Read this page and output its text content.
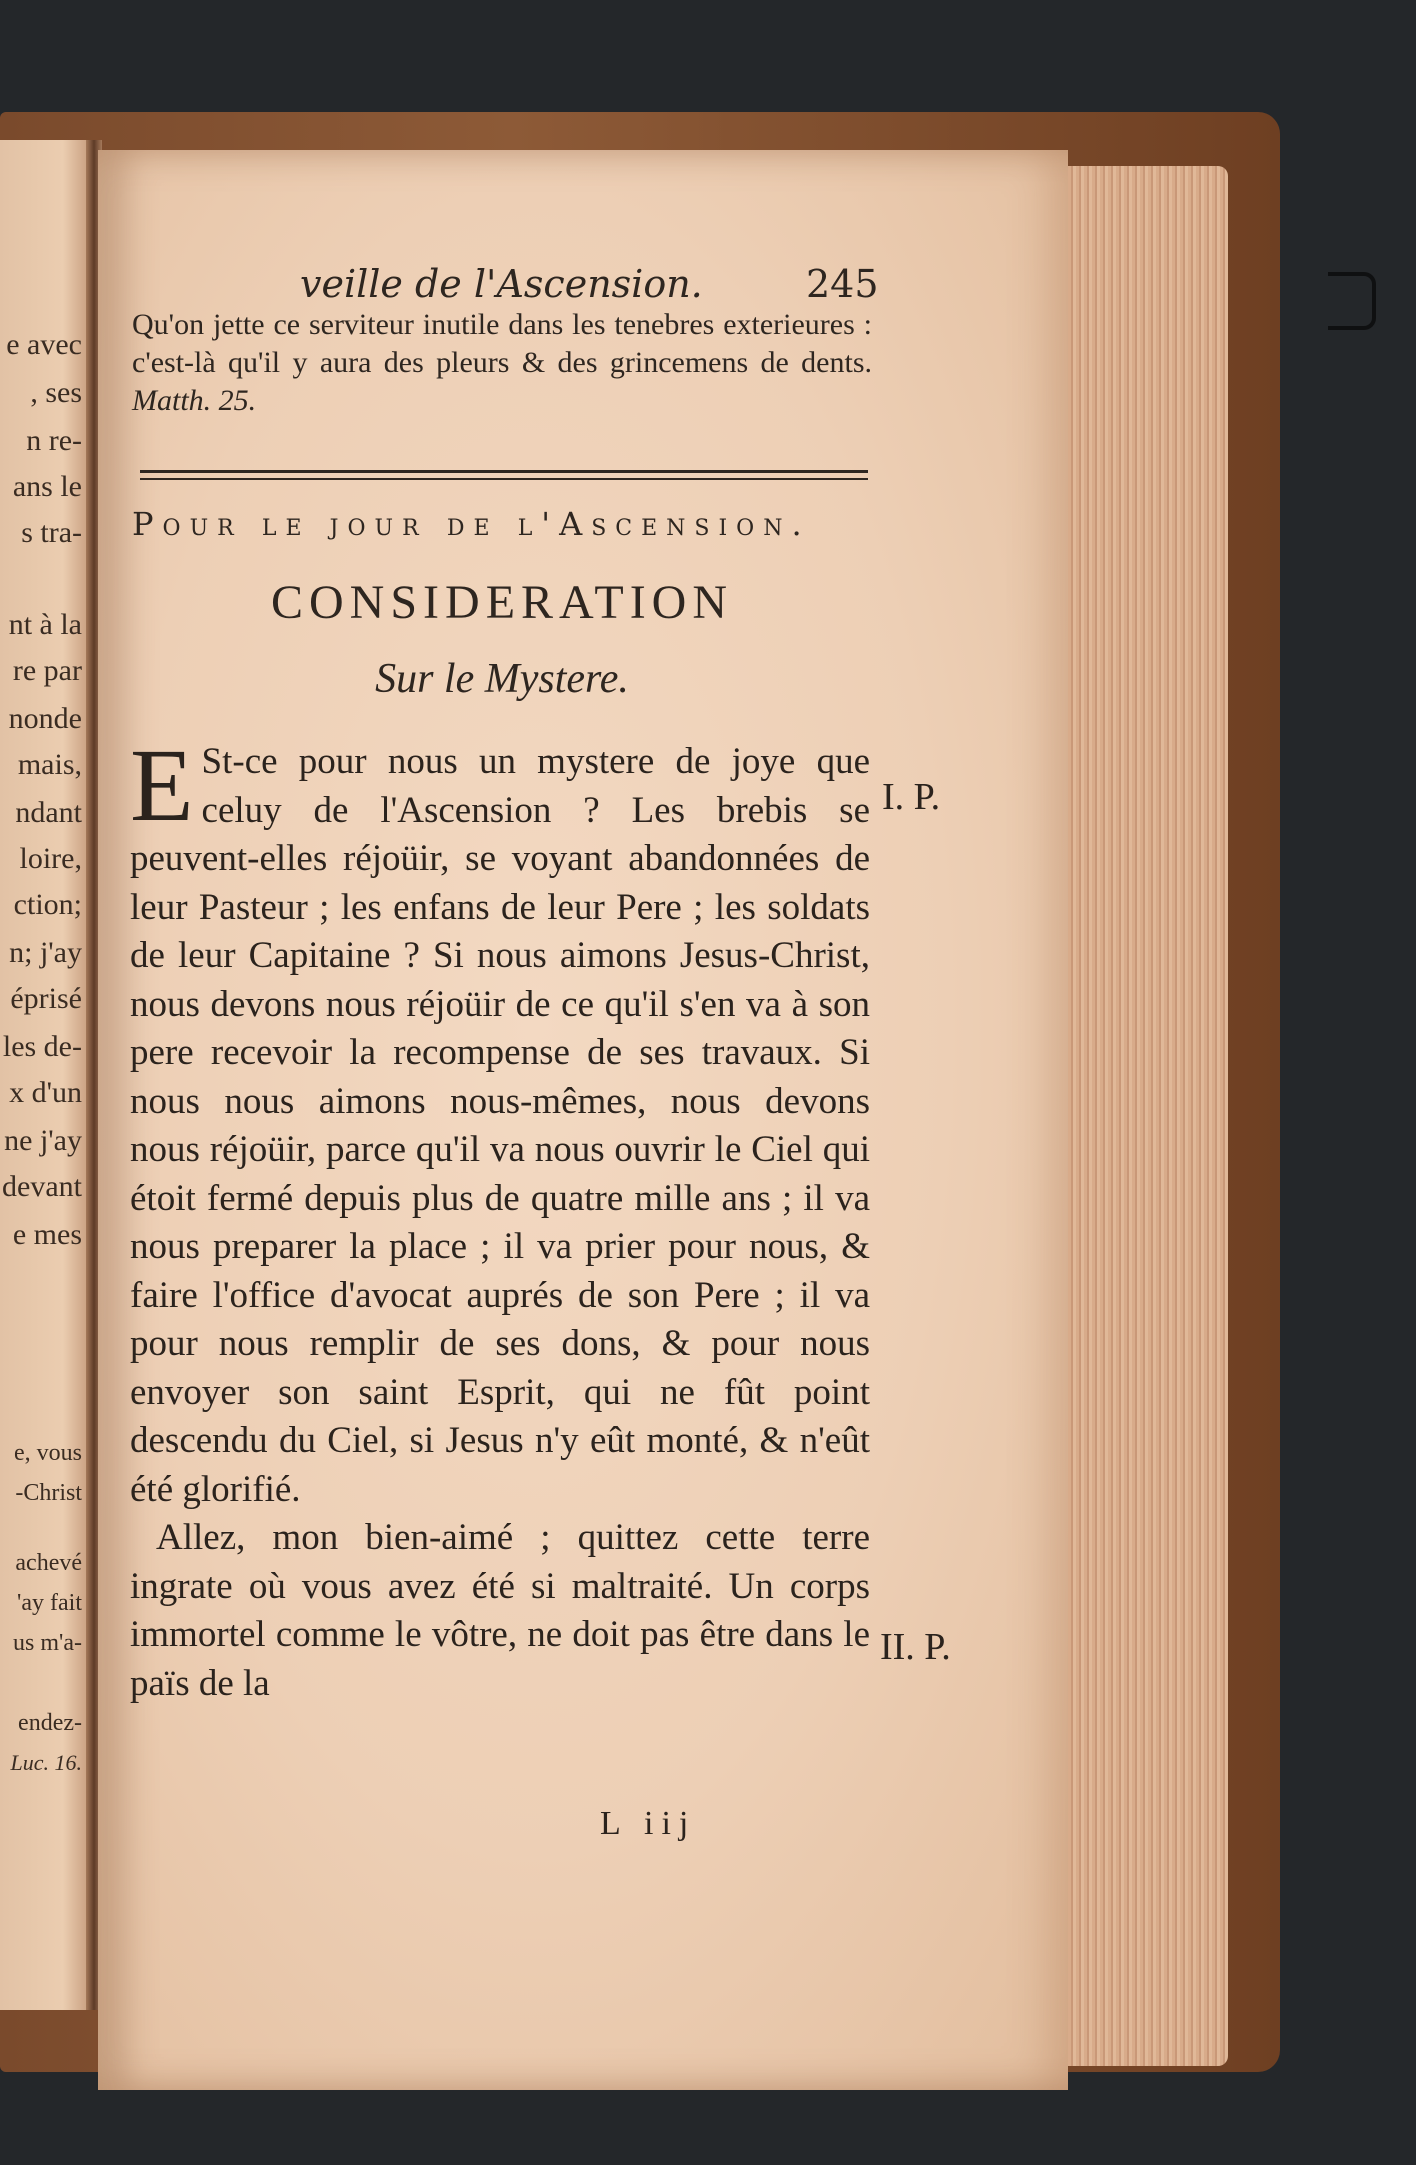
e avec
, ses
n re-
ans le
s tra-
nt à la
re par
nonde
mais,
ndant
loire,
ction;
n; j'ay
éprisé
les de-
x d'un
ne j'ay
devant
e mes
e, vous
-Christ
achevé
'ay fait
us m'a-
endez-
Luc. 16.
veille de l'Ascension.	245
Qu'on jette ce serviteur inutile dans les tenebres exterieures : c'est-là qu'il y aura des pleurs & des grincemens de dents. Matth. 25.
Pour le jour de l'Ascension.
CONSIDERATION
Sur le Mystere.

E St-ce pour nous un mystere de joye que celuy de l'Ascension ? Les brebis se peuvent-elles réjoüir, se voyant abandonnées de leur Pasteur ; les enfans de leur Pere ; les soldats de leur Capitaine ? Si nous aimons Jesus-Christ, nous devons nous réjoüir de ce qu'il s'en va à son pere recevoir la recompense de ses travaux. Si nous nous aimons nous-mêmes, nous devons nous réjoüir, parce qu'il va nous ouvrir le Ciel qui étoit fermé depuis plus de quatre mille ans ; il va nous preparer la place ; il va prier pour nous, & faire l'office d'avocat auprés de son Pere ; il va pour nous remplir de ses dons, & pour nous envoyer son saint Esprit, qui ne fût point descendu du Ciel, si Jesus n'y eût monté, & n'eût été glorifié.

Allez, mon bien-aimé ; quittez cette terre ingrate où vous avez été si maltraité. Un corps immortel comme le vôtre, ne doit pas être dans le païs de la

I. P.
II. P.
L iij
